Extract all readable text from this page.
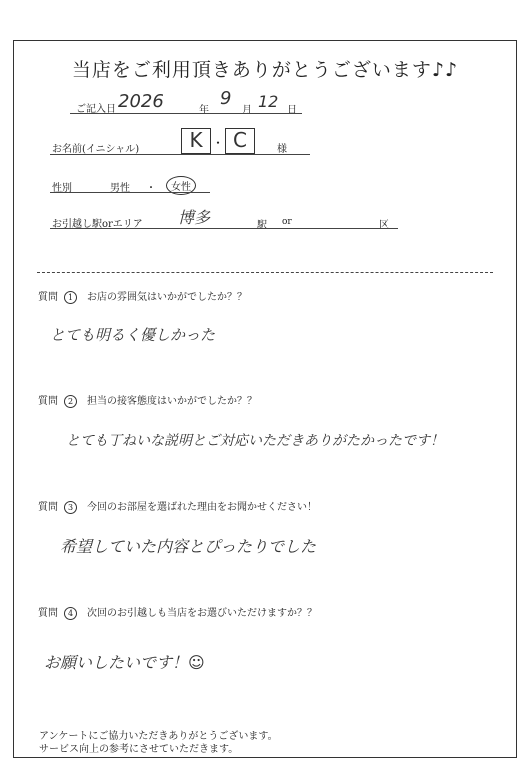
当店をご利用頂きありがとうございます♪♪
ご記入日 2026	年
9
月 12 日
お名前(イニシャル)	K ・ C	様
性別	男性 ・	女性
お引越し駅orエリア 博多	駅 or	区
質問 1 お店の雰囲気はいかがでしたか？？
とても明るく優しかった
質問 2 担当の接客態度はいかがでしたか？？
とても丁ねいな説明とご対応いただきありがたかったです！
質問 3 今回のお部屋を選ばれた理由をお聞かせください！
希望していた内容とぴったりでした
質問 4 次回のお引越しも当店をお選びいただけますか？？
お願いしたいです！☺
アンケートにご協力いただきありがとうございます。
サービス向上の参考にさせていただきます。
